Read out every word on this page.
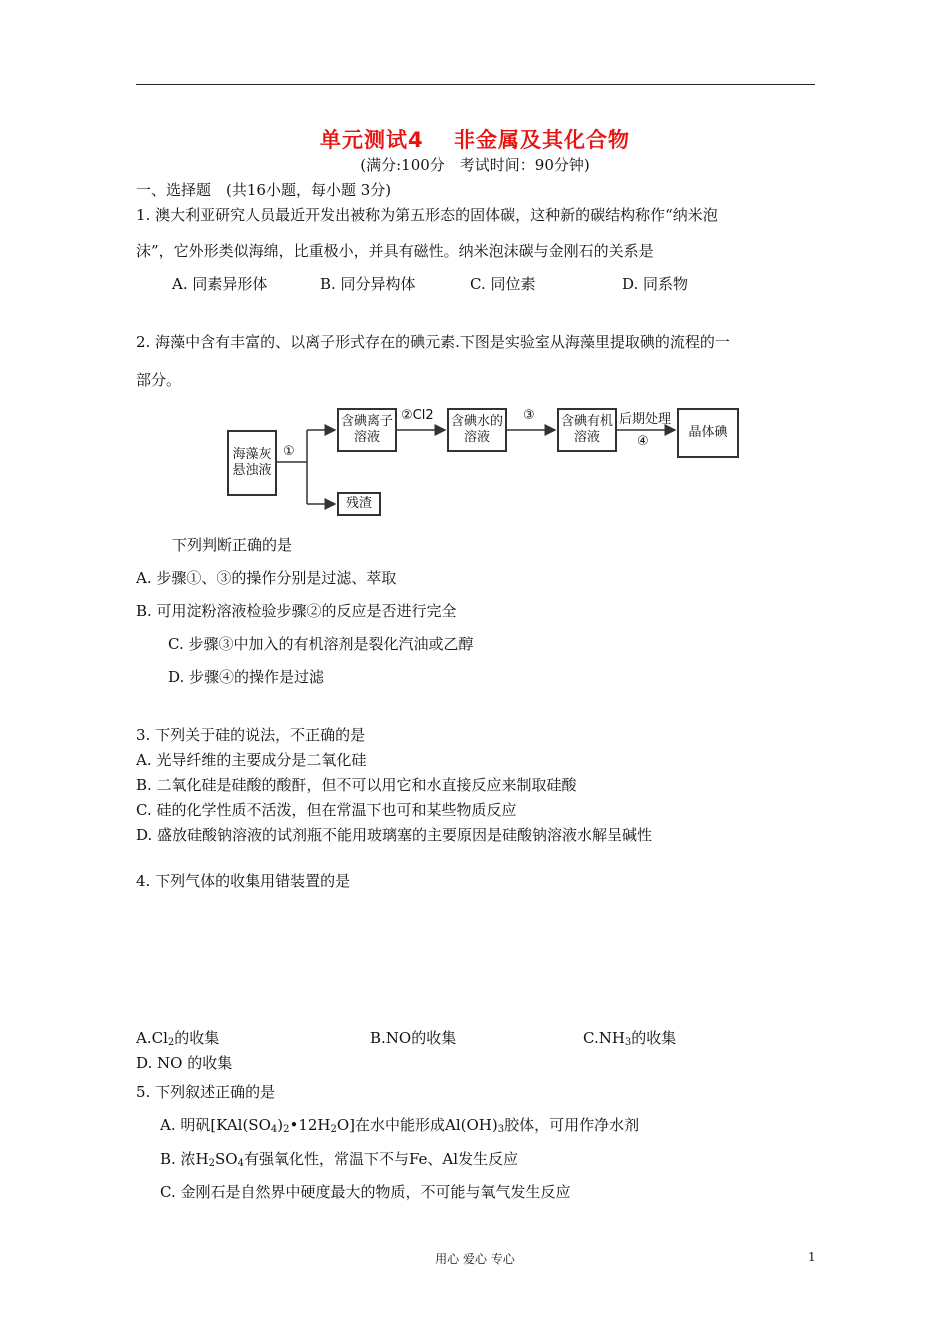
单元测试4　 非金属及其化合物
(满分:100分　考试时间：90分钟)
一、选择题　(共16小题，每小题 3分)
1. 澳大利亚研究人员最近开发出被称为第五形态的固体碳，这种新的碳结构称作“纳米泡
沫”，它外形类似海绵，比重极小，并具有磁性。纳米泡沫碳与金刚石的关系是
A. 同素异形体	B. 同分异构体	C. 同位素	D. 同系物
2. 海藻中含有丰富的、以离子形式存在的碘元素.下图是实验室从海藻里提取碘的流程的一
部分。
海藻灰悬浊液
含碘离子溶液
含碘水的溶液
含碘有机溶液	晶体碘
残渣
①
②Cl2	③	后期处理
④
下列判断正确的是
A. 步骤①、③的操作分别是过滤、萃取
B. 可用淀粉溶液检验步骤②的反应是否进行完全
C. 步骤③中加入的有机溶剂是裂化汽油或乙醇
D. 步骤④的操作是过滤
3. 下列关于硅的说法，不正确的是
A. 光导纤维的主要成分是二氧化硅
B. 二氧化硅是硅酸的酸酐，但不可以用它和水直接反应来制取硅酸
C. 硅的化学性质不活泼，但在常温下也可和某些物质反应
D. 盛放硅酸钠溶液的试剂瓶不能用玻璃塞的主要原因是硅酸钠溶液水解呈碱性
4. 下列气体的收集用错装置的是
$A.Cl_2$的收集	B.NO的收集	$C.NH_3$的收集
D. NO 的收集
5. 下列叙述正确的是
A. 明矾$[KAl(SO_4)_2•12H_2O]$在水中能形成$Al(OH)_3$胶体，可用作净水剂
B. 浓$H_2SO_4$有强氧化性，常温下不与Fe、Al发生反应
C. 金刚石是自然界中硬度最大的物质，不可能与氧气发生反应
用心 爱心 专心	1
